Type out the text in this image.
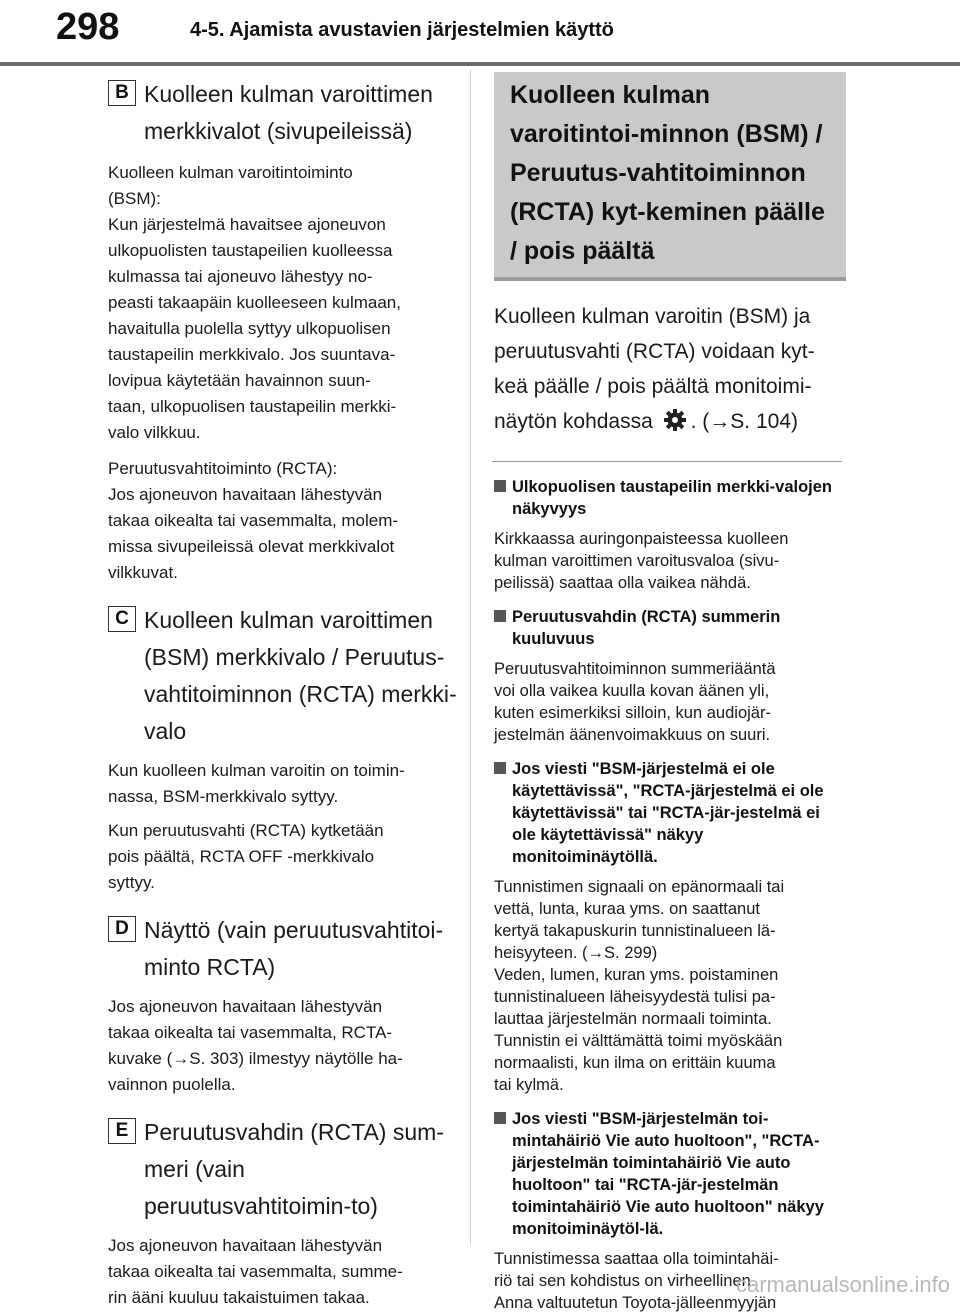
298	4-5. Ajamista avustavien järjestelmien käyttö
B Kuolleen kulman varoittimen merkkivalot (sivupeileissä)

Kuolleen kulman varoitintoiminto
(BSM):
Kun järjestelmä havaitsee ajoneuvon
ulkopuolisten taustapeilien kuolleessa
kulmassa tai ajoneuvo lähestyy no-
peasti takaapäin kuolleeseen kulmaan,
havaitulla puolella syttyy ulkopuolisen
taustapeilin merkkivalo. Jos suuntava-
lovipua käytetään havainnon suun-
taan, ulkopuolisen taustapeilin merkki-
valo vilkkuu.

Peruutusvahtitoiminto (RCTA):
Jos ajoneuvon havaitaan lähestyvän
takaa oikealta tai vasemmalta, molem-
missa sivupeileissä olevat merkkivalot
vilkkuvat.

C Kuolleen kulman varoittimen (BSM) merkkivalo / Peruutus-vahtitoiminnon (RCTA) merkki-valo

Kun kuolleen kulman varoitin on toimin-
nassa, BSM-merkkivalo syttyy.

Kun peruutusvahti (RCTA) kytketään
pois päältä, RCTA OFF -merkkivalo
syttyy.

D Näyttö (vain peruutusvahtitoi-minto RCTA)

Jos ajoneuvon havaitaan lähestyvän
takaa oikealta tai vasemmalta, RCTA-
kuvake (→S. 303) ilmestyy näytölle ha-
vainnon puolella.

E Peruutusvahdin (RCTA) sum-meri (vain peruutusvahtitoimin-to)

Jos ajoneuvon havaitaan lähestyvän
takaa oikealta tai vasemmalta, summe-
rin ääni kuuluu takaistuimen takaa.

Kuolleen kulman varoitintoi-minnon (BSM) / Peruutus-vahtitoiminnon (RCTA) kyt-keminen päälle / pois päältä

Kuolleen kulman varoitin (BSM) ja peruutusvahti (RCTA) voidaan kyt-keä päälle / pois päältä monitoimi-näytön kohdassa . (→S. 104)

Ulkopuolisen taustapeilin merkki-valojen näkyvyys

Kirkkaassa auringonpaisteessa kuolleen
kulman varoittimen varoitusvaloa (sivu-
peilissä) saattaa olla vaikea nähdä.

Peruutusvahdin (RCTA) summerin kuuluvuus

Peruutusvahtitoiminnon summeriääntä
voi olla vaikea kuulla kovan äänen yli,
kuten esimerkiksi silloin, kun audiojär-
jestelmän äänenvoimakkuus on suuri.

Jos viesti "BSM-järjestelmä ei ole käytettävissä", "RCTA-järjestelmä ei ole käytettävissä" tai "RCTA-jär-jestelmä ei ole käytettävissä" näkyy monitoiminäytöllä.

Tunnistimen signaali on epänormaali tai
vettä, lunta, kuraa yms. on saattanut
kertyä takapuskurin tunnistinalueen lä-
heisyyteen. (→S. 299)
Veden, lumen, kuran yms. poistaminen
tunnistinalueen läheisyydestä tulisi pa-
lauttaa järjestelmän normaali toiminta.
Tunnistin ei välttämättä toimi myöskään
normaalisti, kun ilma on erittäin kuuma
tai kylmä.

Jos viesti "BSM-järjestelmän toi-mintahäiriö Vie auto huoltoon", "RCTA-järjestelmän toimintahäiriö Vie auto huoltoon" tai "RCTA-jär-jestelmän toimintahäiriö Vie auto huoltoon" näkyy monitoiminäytöl-lä.

Tunnistimessa saattaa olla toimintahäi-
riö tai sen kohdistus on virheellinen.
Anna valtuutetun Toyota-jälleenmyyjän

carmanualsonline.info
